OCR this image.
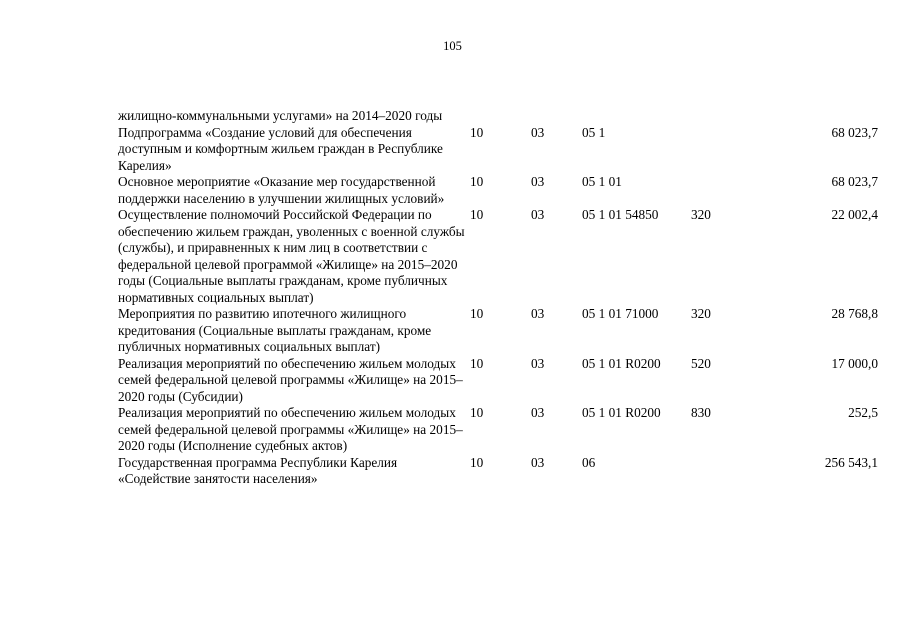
105
жилищно-коммунальными услугами» на 2014–2020 годы					
Подпрограмма «Создание условий для обеспечения доступным и комфортным жильем граждан в Республике Карелия»	10	03	05 1		68 023,7
Основное мероприятие «Оказание мер государственной поддержки населению в улучшении жилищных условий»	10	03	05 1 01		68 023,7
Осуществление полномочий Российской Федерации по обеспечению жильем граждан, уволенных с военной службы (службы), и приравненных к ним лиц в соответствии с федеральной целевой программой «Жилище» на 2015–2020 годы (Социальные выплаты гражданам, кроме публичных нормативных социальных выплат)	10	03	05 1 01 54850	320	22 002,4
Мероприятия по развитию ипотечного жилищного кредитования (Социальные выплаты гражданам, кроме публичных нормативных социальных выплат)	10	03	05 1 01 71000	320	28 768,8
Реализация мероприятий по обеспечению жильем молодых семей федеральной целевой программы «Жилище» на 2015–2020 годы (Субсидии)	10	03	05 1 01 R0200	520	17 000,0
Реализация мероприятий по обеспечению жильем молодых семей федеральной целевой программы «Жилище» на 2015–2020 годы (Исполнение судебных актов)	10	03	05 1 01 R0200	830	252,5
Государственная программа Республики Карелия «Содействие занятости населения»	10	03	06		256 543,1
